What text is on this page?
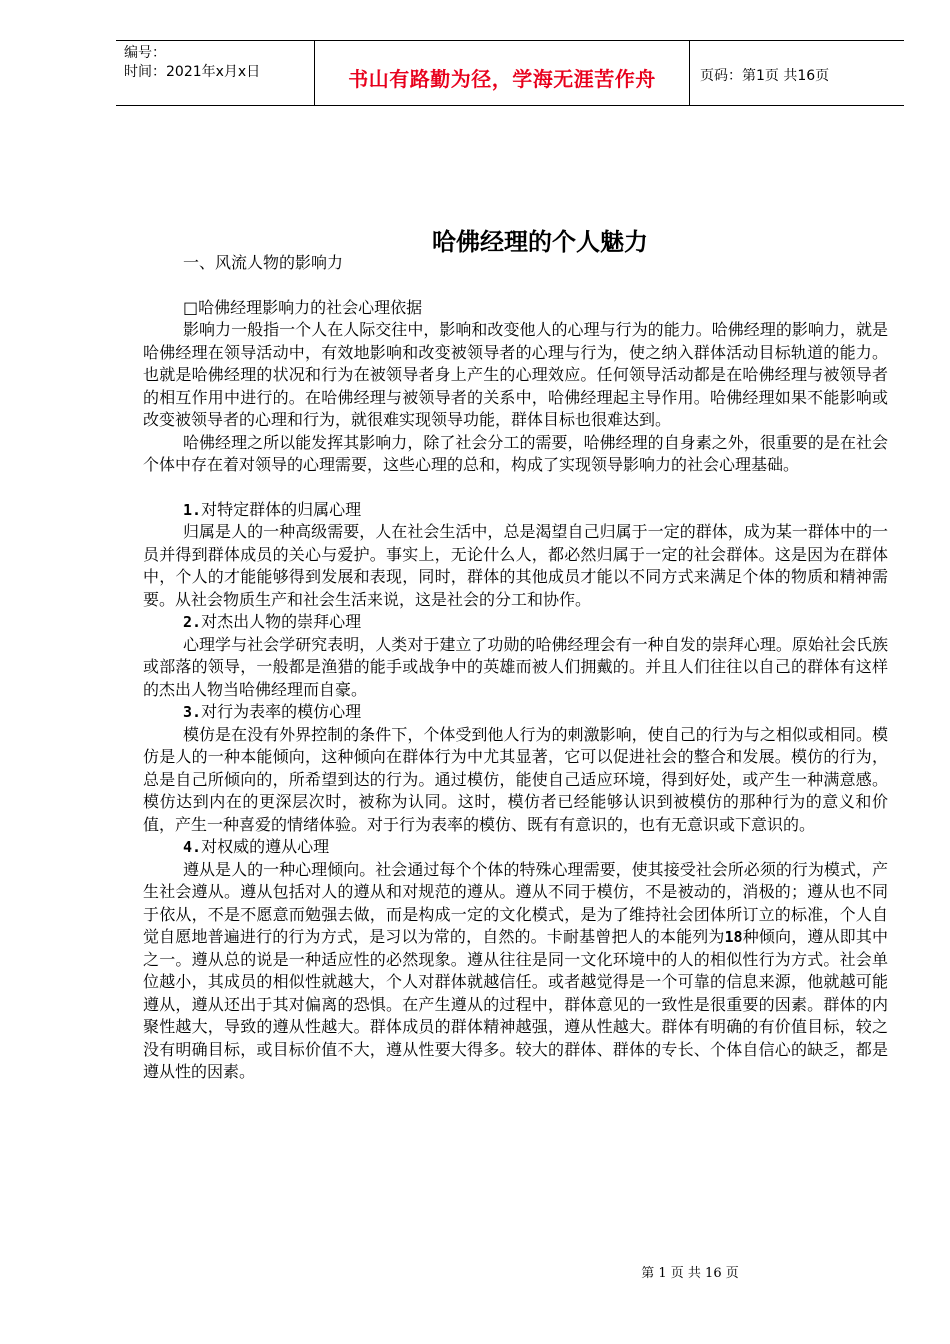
编号：
时间：2021年x月x日	书山有路勤为径，学海无涯苦作舟	页码：第1页 共16页
哈佛经理的个人魅力

一、风流人物的影响力

□哈佛经理影响力的社会心理依据

影响力一般指一个人在人际交往中，影响和改变他人的心理与行为的能力。哈佛经理的影响力，就是哈佛经理在领导活动中，有效地影响和改变被领导者的心理与行为，使之纳入群体活动目标轨道的能力。也就是哈佛经理的状况和行为在被领导者身上产生的心理效应。任何领导活动都是在哈佛经理与被领导者的相互作用中进行的。在哈佛经理与被领导者的关系中，哈佛经理起主导作用。哈佛经理如果不能影响或改变被领导者的心理和行为，就很难实现领导功能，群体目标也很难达到。

哈佛经理之所以能发挥其影响力，除了社会分工的需要，哈佛经理的自身素之外，很重要的是在社会个体中存在着对领导的心理需要，这些心理的总和，构成了实现领导影响力的社会心理基础。

1.对特定群体的归属心理

归属是人的一种高级需要，人在社会生活中，总是渴望自己归属于一定的群体，成为某一群体中的一员并得到群体成员的关心与爱护。事实上，无论什么人，都必然归属于一定的社会群体。这是因为在群体中，个人的才能能够得到发展和表现，同时，群体的其他成员才能以不同方式来满足个体的物质和精神需要。从社会物质生产和社会生活来说，这是社会的分工和协作。

2.对杰出人物的崇拜心理

心理学与社会学研究表明，人类对于建立了功勋的哈佛经理会有一种自发的崇拜心理。原始社会氏族或部落的领导，一般都是渔猎的能手或战争中的英雄而被人们拥戴的。并且人们往往以自己的群体有这样的杰出人物当哈佛经理而自豪。

3.对行为表率的模仿心理

模仿是在没有外界控制的条件下，个体受到他人行为的刺激影响，使自己的行为与之相似或相同。模仿是人的一种本能倾向，这种倾向在群体行为中尤其显著，它可以促进社会的整合和发展。模仿的行为，总是自己所倾向的，所希望到达的行为。通过模仿，能使自己适应环境，得到好处，或产生一种满意感。模仿达到内在的更深层次时，被称为认同。这时，模仿者已经能够认识到被模仿的那种行为的意义和价值，产生一种喜爱的情绪体验。对于行为表率的模仿、既有有意识的，也有无意识或下意识的。

4.对权威的遵从心理

遵从是人的一种心理倾向。社会通过每个个体的特殊心理需要，使其接受社会所必须的行为模式，产生社会遵从。遵从包括对人的遵从和对规范的遵从。遵从不同于模仿，不是被动的，消极的；遵从也不同于依从，不是不愿意而勉强去做，而是构成一定的文化模式，是为了维持社会团体所订立的标准，个人自觉自愿地普遍进行的行为方式，是习以为常的，自然的。卡耐基曾把人的本能列为18种倾向，遵从即其中之一。遵从总的说是一种适应性的必然现象。遵从往往是同一文化环境中的人的相似性行为方式。社会单位越小，其成员的相似性就越大，个人对群体就越信任。或者越觉得是一个可靠的信息来源，他就越可能遵从，遵从还出于其对偏离的恐惧。在产生遵从的过程中，群体意见的一致性是很重要的因素。群体的内聚性越大，导致的遵从性越大。群体成员的群体精神越强，遵从性越大。群体有明确的有价值目标，较之没有明确目标，或目标价值不大，遵从性要大得多。较大的群体、群体的专长、个体自信心的缺乏，都是遵从性的因素。

第 1 页 共 16 页
